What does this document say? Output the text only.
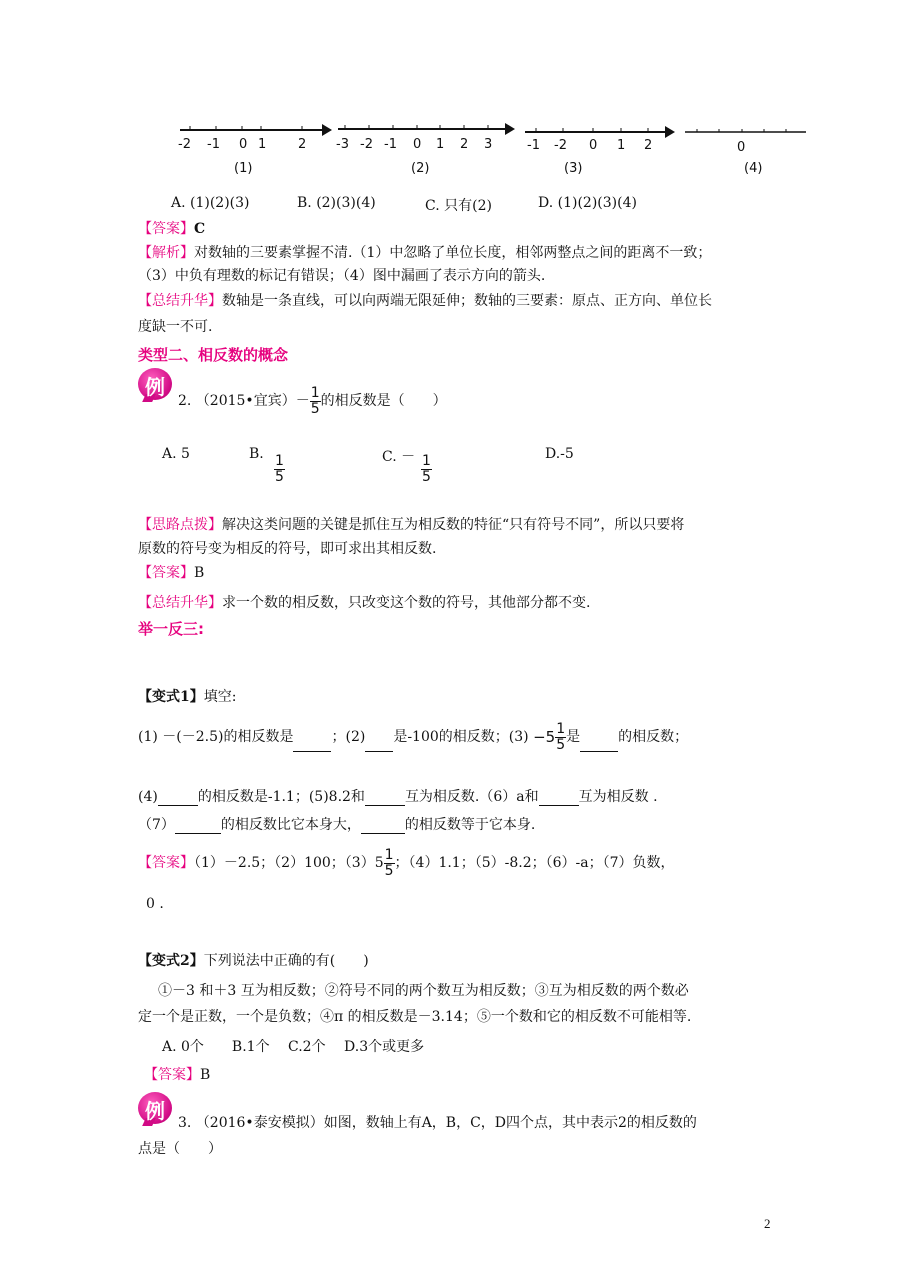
-2 -1 0 1 2
(1)
-3 -2 -1 0 1 2 3
(2)
-1 -2 0 1 2
(3)
0
(4)
A. (1)(2)(3)	B. (2)(3)(4)	C. 只有(2)	D. (1)(2)(3)(4)
【答案】C
【解析】对数轴的三要素掌握不清.（1）中忽略了单位长度，相邻两整点之间的距离不一致；
（3）中负有理数的标记有错误；（4）图中漏画了表示方向的箭头.
【总结升华】数轴是一条直线，可以向两端无限延伸；数轴的三要素：原点、正方向、单位长
度缺一不可.
类型二、相反数的概念
例
2. （2015•宜宾）－ $\frac{1}{5}$ 的相反数是（　　）
A. 5	B. $\frac{1}{5}$	C. － $\frac{1}{5}$	D.-5
【思路点拨】解决这类问题的关键是抓住互为相反数的特征“只有符号不同”，所以只要将
原数的符号变为相反的符号，即可求出其相反数.
【答案】B
【总结升华】求一个数的相反数，只改变这个数的符号，其他部分都不变.
举一反三:
【变式1】填空:
(1) －(－2.5)的相反数是	；(2) 是-100的相反数；$(3) -5 \frac{1}{5}$ 是	的相反数；
(4)	的相反数是-1.1；(5)8.2和	互为相反数.（6）a和	互为相反数 .
（7）	的相反数比它本身大，	的相反数等于它本身.
【答案】（1）－2.5；（2）100；$(3)5 \frac{1}{5}$ ；（4）1.1；（5）-8.2；（6）-a；（7）负数，
0 .
【变式2】下列说法中正确的有(　　)
①－3 和＋3 互为相反数；②符号不同的两个数互为相反数；③互为相反数的两个数必
定一个是正数，一个是负数；④π 的相反数是－3.14；⑤一个数和它的相反数不可能相等.
A. 0个　　B.1个　 C.2个　 D.3个或更多
【答案】B
例 3. （2016•泰安模拟）如图，数轴上有A，B，C，D四个点，其中表示2的相反数的
点是（　　）
2
